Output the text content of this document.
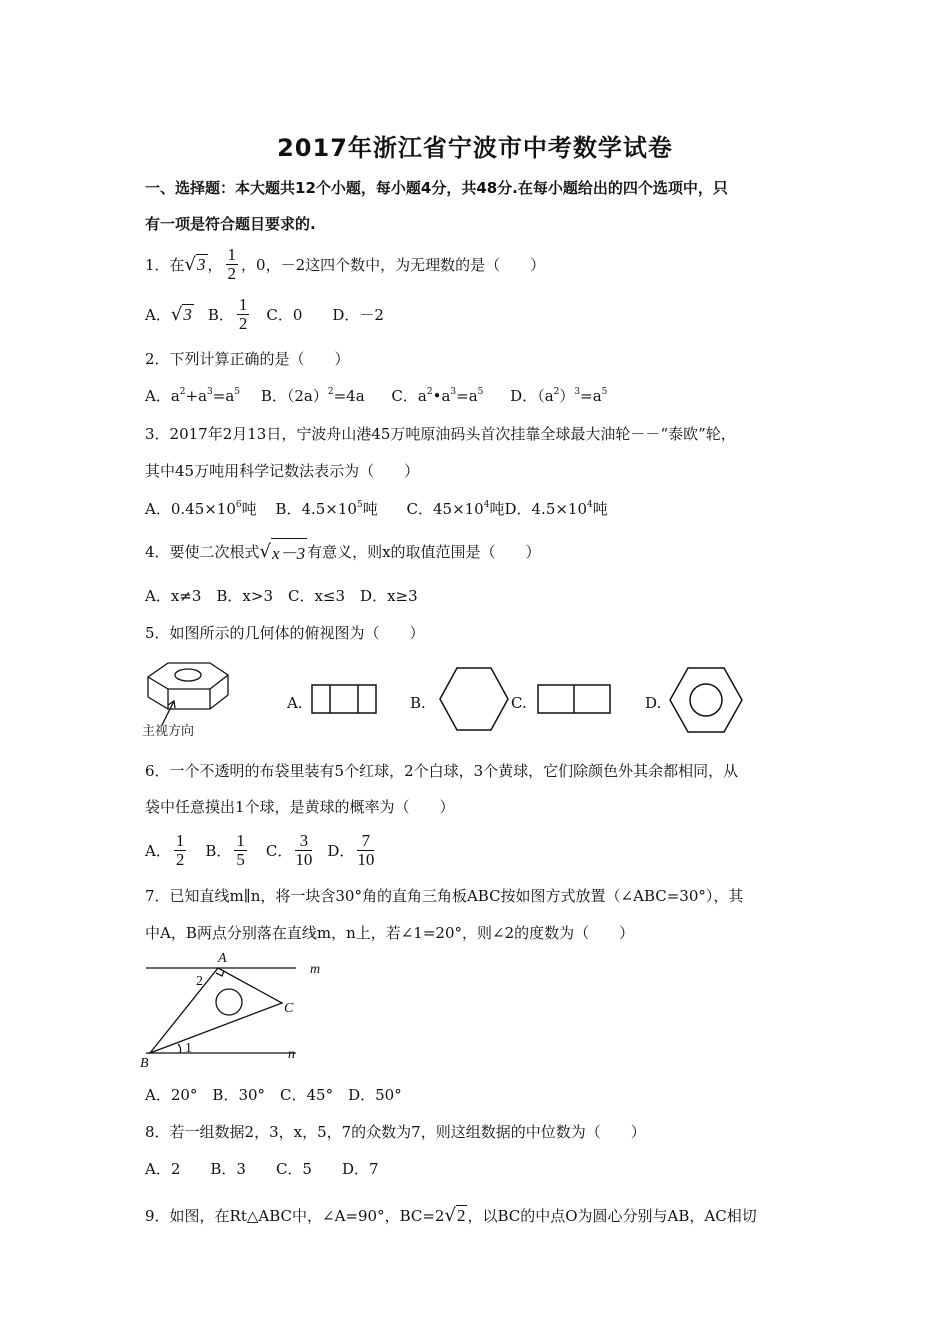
2017年浙江省宁波市中考数学试卷
一、选择题：本大题共12个小题，每小题4分，共48分.在每小题给出的四个选项中，只
有一项是符合题目要求的.
1．在 √ 3 ， $\frac{1}{2}$ ，0，－2这四个数中，为无理数的是（　　）
A． √ 3 B． $\frac{1}{2}$ C．0 D．－2
2．下列计算正确的是（　　）
A．$a^2+a^3=a^5$ B．$(2a)^2=4a$ C．$a^2•a^3=a^5$ D．$(a^2)^3=a^5$
3．2017年2月13日，宁波舟山港45万吨原油码头首次挂靠全球最大油轮－－“泰欧”轮，
其中45万吨用科学记数法表示为（　　）
A．$0.45\times 10^6$吨 B．$4.5\times 10^5$吨 C．$45\times 10^4$吨D．$4.5\times 10^4$吨
4．要使二次根式 √ x－3 有意义，则x的取值范围是（　　）
A．x≠3　B．x>3　C．x≤3　D．x≥3
5．如图所示的几何体的俯视图为（　　）
主视方向
A.	B.	C.	D.
6．一个不透明的布袋里装有5个红球，2个白球，3个黄球，它们除颜色外其余都相同，从
袋中任意摸出1个球，是黄球的概率为（　　）
A． $\frac{1}{2}$ B． $\frac{1}{5}$ C． $\frac{3}{10}$ D． $\frac{7}{10}$
7．已知直线m∥n，将一块含30°角的直角三角板ABC按如图方式放置（∠ABC=30°），其
中A，B两点分别落在直线m，n上，若∠1=20°，则∠2的度数为（　　）
A
B
C
m
n
1
2
A．20°　B．30°　C．45°　D．50°
8．若一组数据2，3，x，5，7的众数为7，则这组数据的中位数为（　　）
A．2　　B．3　　C．5　　D．7
9．如图，在Rt△ABC中，∠A=90°，BC=2 √ 2 ，以BC的中点O为圆心分别与AB，AC相切
